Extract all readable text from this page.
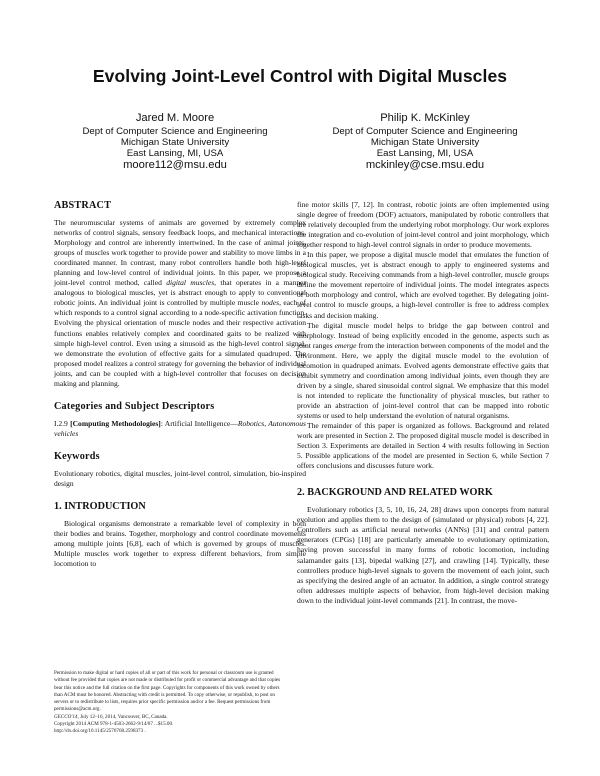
Evolving Joint-Level Control with Digital Muscles
Jared M. Moore
Dept of Computer Science and Engineering
Michigan State University
East Lansing, MI, USA
moore112@msu.edu
Philip K. McKinley
Dept of Computer Science and Engineering
Michigan State University
East Lansing, MI, USA
mckinley@cse.msu.edu
ABSTRACT

The neuromuscular systems of animals are governed by extremely complex networks of control signals, sensory feedback loops, and mechanical interactions. Morphology and control are inherently intertwined. In the case of animal joints, groups of muscles work together to provide power and stability to move limbs in a coordinated manner. In contrast, many robot controllers handle both high-level planning and low-level control of individual joints. In this paper, we propose a joint-level control method, called digital muscles, that operates in a manner analogous to biological muscles, yet is abstract enough to apply to conventional robotic joints. An individual joint is controlled by multiple muscle nodes, each of which responds to a control signal according to a node-specific activation function. Evolving the physical orientation of muscle nodes and their respective activation functions enables relatively complex and coordinated gaits to be realized with simple high-level control. Even using a sinusoid as the high-level control signal, we demonstrate the evolution of effective gaits for a simulated quadruped. The proposed model realizes a control strategy for governing the behavior of individual joints, and can be coupled with a high-level controller that focuses on decision making and planning.

Categories and Subject Descriptors

I.2.9 [Computing Methodologies]: Artificial Intelligence—Robotics, Autonomous vehicles

Keywords

Evolutionary robotics, digital muscles, joint-level control, simulation, bio-inspired design

1. INTRODUCTION

Biological organisms demonstrate a remarkable level of complexity in both their bodies and brains. Together, morphology and control coordinate movements among multiple joints [6,8], each of which is governed by groups of muscles. Multiple muscles work together to express different behaviors, from simple locomotion to

Permission to make digital or hard copies of all or part of this work for personal or classroom use is granted without fee provided that copies are not made or distributed for profit or commercial advantage and that copies bear this notice and the full citation on the first page. Copyrights for components of this work owned by others than ACM must be honored. Abstracting with credit is permitted. To copy otherwise, or republish, to post on servers or to redistribute to lists, requires prior specific permission and/or a fee. Request permissions from permissions@acm.org.

GECCO'14, July 12–16, 2014, Vancouver, BC, Canada.

Copyright 2014 ACM 978-1-4503-2662-9/14/07 ...$15.00.

http://dx.doi.org/10.1145/2576768.2598373 .

fine motor skills [7, 12]. In contrast, robotic joints are often implemented using single degree of freedom (DOF) actuators, manipulated by robotic controllers that are relatively decoupled from the underlying robot morphology. Our work explores the integration and co-evolution of joint-level control and joint morphology, which together respond to high-level control signals in order to produce movements.

In this paper, we propose a digital muscle model that emulates the function of biological muscles, yet is abstract enough to apply to engineered systems and biological study. Receiving commands from a high-level controller, muscle groups define the movement repertoire of individual joints. The model integrates aspects of both morphology and control, which are evolved together. By delegating joint-level control to muscle groups, a high-level controller is free to address complex tasks and decision making.

The digital muscle model helps to bridge the gap between control and morphology. Instead of being explicitly encoded in the genome, aspects such as joint ranges emerge from the interaction between components of the model and the environment. Here, we apply the digital muscle model to the evolution of locomotion in quadruped animats. Evolved agents demonstrate effective gaits that exhibit symmetry and coordination among individual joints, even though they are driven by a single, shared sinusoidal control signal. We emphasize that this model is not intended to replicate the functionality of physical muscles, but rather to provide an abstraction of joint-level control that can be mapped into robotic systems or used to help understand the evolution of natural organisms.

The remainder of this paper is organized as follows. Background and related work are presented in Section 2. The proposed digital muscle model is described in Section 3. Experiments are detailed in Section 4 with results following in Section 5. Possible applications of the model are presented in Section 6, while Section 7 offers conclusions and discusses future work.

2. BACKGROUND AND RELATED WORK

Evolutionary robotics [3, 5, 10, 16, 24, 28] draws upon concepts from natural evolution and applies them to the design of (simulated or physical) robots [4, 22]. Controllers such as artificial neural networks (ANNs) [31] and central pattern generators (CPGs) [18] are particularly amenable to evolutionary optimization, having proven successful in many forms of robotic locomotion, including salamander gaits [13], bipedal walking [27], and crawling [14]. Typically, these controllers produce high-level signals to govern the movement of each joint, such as specifying the desired angle of an actuator. In addition, a single control strategy often addresses multiple aspects of behavior, from high-level decision making down to the individual joint-level commands [21]. In contrast, the move-
